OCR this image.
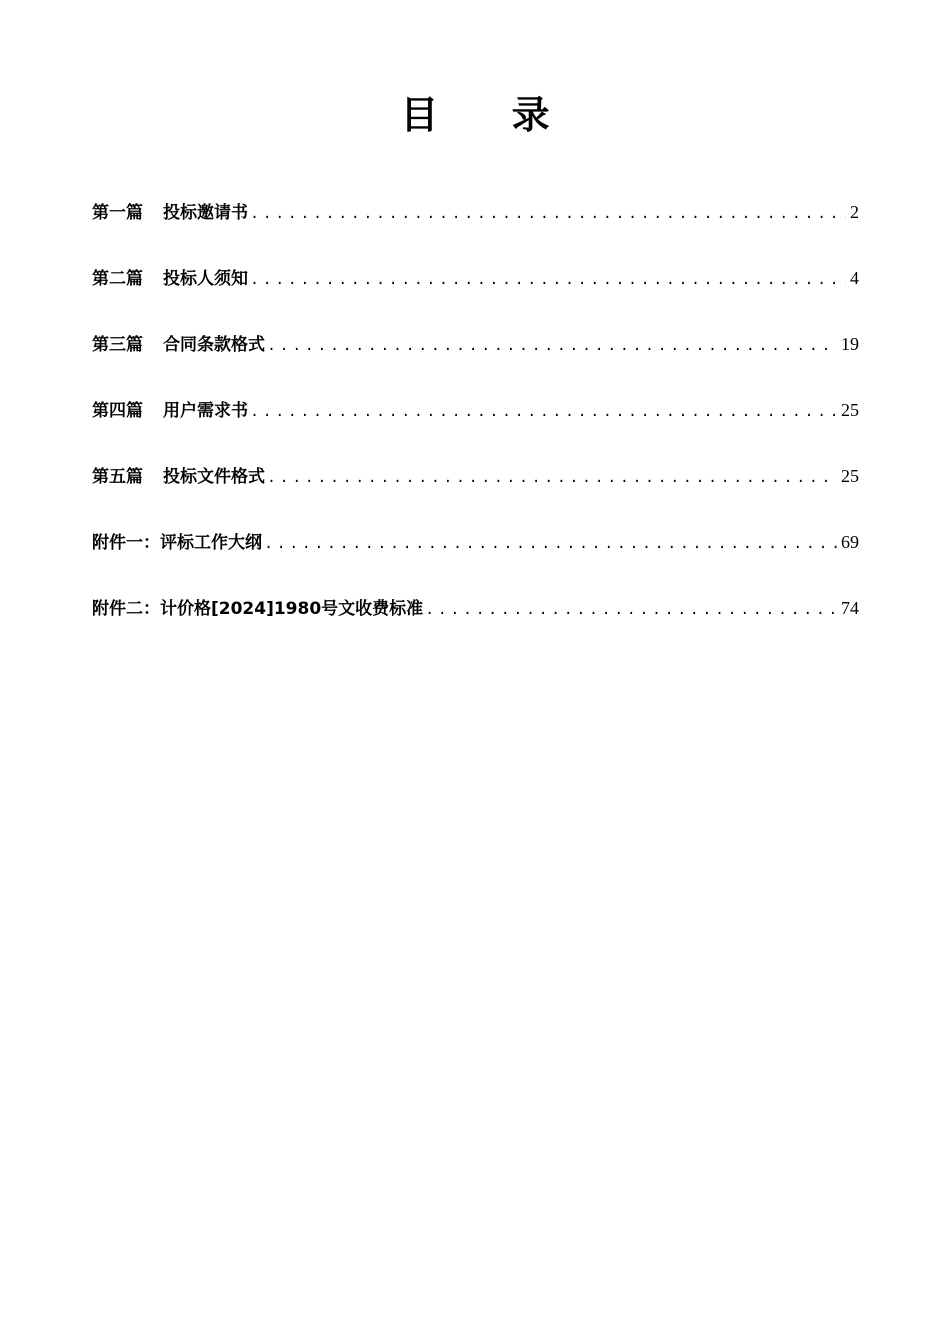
目 录
第一篇 投标邀请书 .....	2
第二篇 投标人须知 .....	4
第三篇 合同条款格式 .....	19
第四篇 用户需求书 .....	25
第五篇 投标文件格式 .....	25
附件一： 评标工作大纲 .....	69
附件二： 计价格[2024]1980号文收费标准 .....	74
